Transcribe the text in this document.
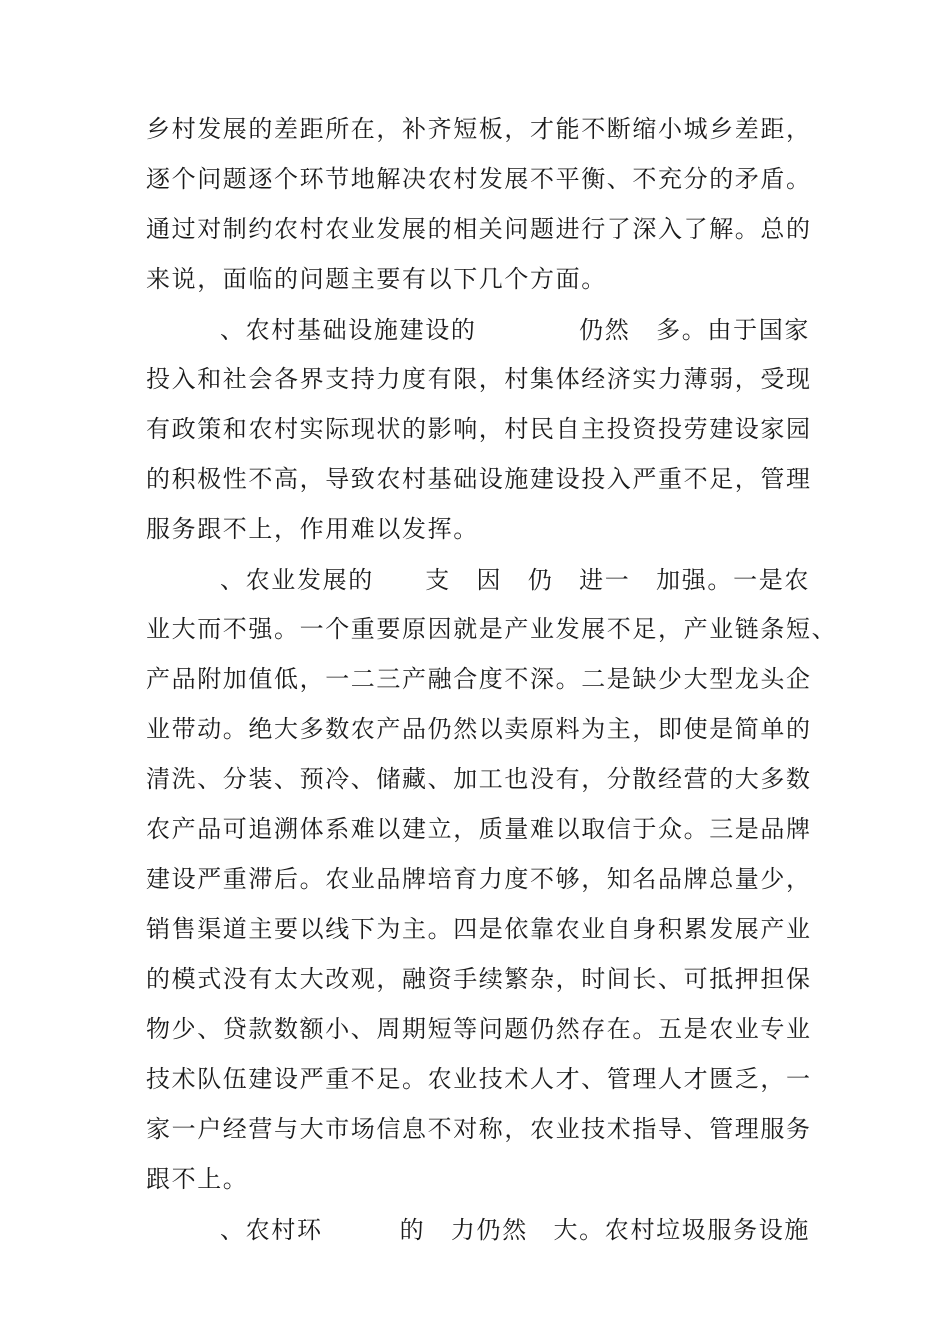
乡村发展的差距所在，补齐短板，才能不断缩小城乡差距，
逐个问题逐个环节地解决农村发展不平衡、不充分的矛盾。
通过对制约农村农业发展的相关问题进行了深入了解。总的
来说，面临的问题主要有以下几个方面。
、农村基础设施建设的　　　　仍然　多。由于国家
投入和社会各界支持力度有限，村集体经济实力薄弱，受现
有政策和农村实际现状的影响，村民自主投资投劳建设家园
的积极性不高，导致农村基础设施建设投入严重不足，管理
服务跟不上，作用难以发挥。
、农业发展的　　支　因　仍　进一　加强。一是农
业大而不强。一个重要原因就是产业发展不足，产业链条短、
产品附加值低，一二三产融合度不深。二是缺少大型龙头企
业带动。绝大多数农产品仍然以卖原料为主，即使是简单的
清洗、分装、预冷、储藏、加工也没有，分散经营的大多数
农产品可追溯体系难以建立，质量难以取信于众。三是品牌
建设严重滞后。农业品牌培育力度不够，知名品牌总量少，
销售渠道主要以线下为主。四是依靠农业自身积累发展产业
的模式没有太大改观，融资手续繁杂，时间长、可抵押担保
物少、贷款数额小、周期短等问题仍然存在。五是农业专业
技术队伍建设严重不足。农业技术人才、管理人才匮乏，一
家一户经营与大市场信息不对称，农业技术指导、管理服务
跟不上。
、农村环　　　的　力仍然　大。农村垃圾服务设施
